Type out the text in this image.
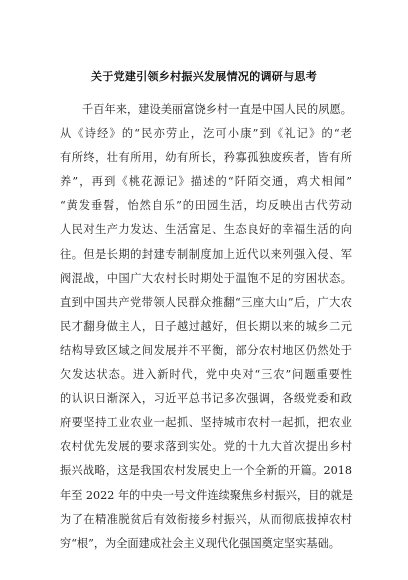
关于党建引领乡村振兴发展情况的调研与思考
千百年来，建设美丽富饶乡村一直是中国人民的夙愿。
从《诗经》的“民亦劳止，汔可小康”到《礼记》的“老
有所终，壮有所用，幼有所长，矜寡孤独废疾者，皆有所
养”，再到《桃花源记》描述的“阡陌交通，鸡犬相闻”
“黄发垂髫，怡然自乐”的田园生活，均反映出古代劳动
人民对生产力发达、生活富足、生态良好的幸福生活的向
往。但是长期的封建专制制度加上近代以来列强入侵、军
阀混战，中国广大农村长时期处于温饱不足的穷困状态。
直到中国共产党带领人民群众推翻“三座大山”后，广大农
民才翻身做主人，日子越过越好，但长期以来的城乡二元
结构导致区域之间发展并不平衡，部分农村地区仍然处于
欠发达状态。进入新时代，党中央对“三农”问题重要性
的认识日渐深入，习近平总书记多次强调，各级党委和政
府要坚持工业农业一起抓、坚持城市农村一起抓，把农业
农村优先发展的要求落到实处。党的十九大首次提出乡村
振兴战略，这是我国农村发展史上一个全新的开篇。2018
年至 2022 年的中央一号文件连续聚焦乡村振兴，目的就是
为了在精准脱贫后有效衔接乡村振兴，从而彻底拔掉农村
穷“根”，为全面建成社会主义现代化强国奠定坚实基础。
